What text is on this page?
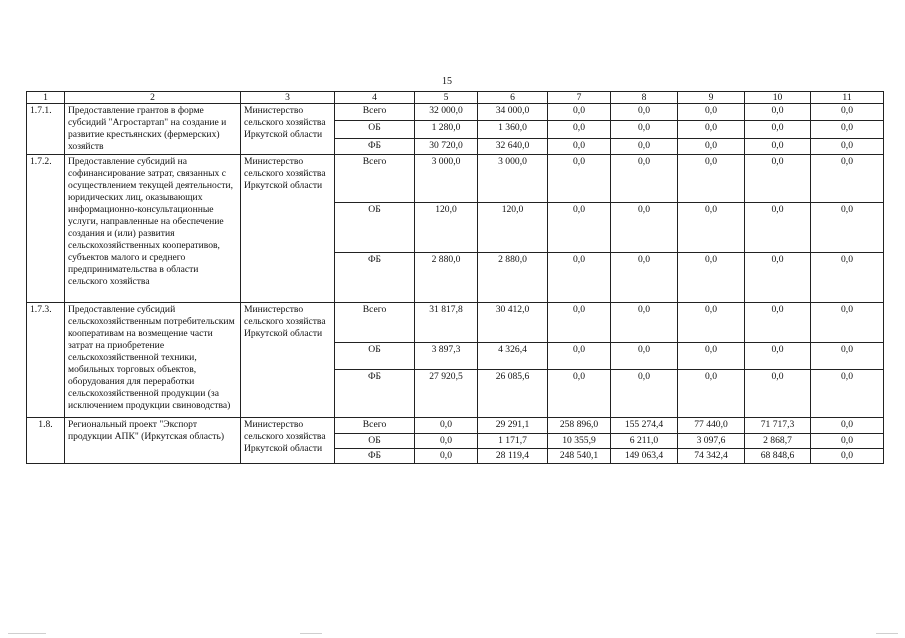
15
1	2	3	4	5	6	7	8	9	10	11
1.7.1.	Предоставление грантов в форме субсидий "Агростартап" на создание и развитие крестьянских (фермерских) хозяйств	Министерство сельского хозяйства Иркутской области	Всего	32 000,0	34 000,0	0,0	0,0	0,0	0,0	0,0
			ОБ	1 280,0	1 360,0	0,0	0,0	0,0	0,0	0,0
			ФБ	30 720,0	32 640,0	0,0	0,0	0,0	0,0	0,0
1.7.2.	Предоставление субсидий на софинансирование затрат, связанных с осуществлением текущей деятельности, юридических лиц, оказывающих информационно-консультационные услуги, направленные на обеспечение создания и (или) развития сельскохозяйственных кооперативов, субъектов малого и среднего предпринимательства в области сельского хозяйства	Министерство сельского хозяйства Иркутской области	Всего	3 000,0	3 000,0	0,0	0,0	0,0	0,0	0,0
			ОБ	120,0	120,0	0,0	0,0	0,0	0,0	0,0
			ФБ	2 880,0	2 880,0	0,0	0,0	0,0	0,0	0,0
1.7.3.	Предоставление субсидий сельскохозяйственным потребительским кооперативам на возмещение части затрат на приобретение сельскохозяйственной техники, мобильных торговых объектов, оборудования для переработки сельскохозяйственной продукции (за исключением продукции свиноводства)	Министерство сельского хозяйства Иркутской области	Всего	31 817,8	30 412,0	0,0	0,0	0,0	0,0	0,0
			ОБ	3 897,3	4 326,4	0,0	0,0	0,0	0,0	0,0
			ФБ	27 920,5	26 085,6	0,0	0,0	0,0	0,0	0,0
1.8.	Региональный проект "Экспорт продукции АПК" (Иркутская область)	Министерство сельского хозяйства Иркутской области	Всего	0,0	29 291,1	258 896,0	155 274,4	77 440,0	71 717,3	0,0
			ОБ	0,0	1 171,7	10 355,9	6 211,0	3 097,6	2 868,7	0,0
			ФБ	0,0	28 119,4	248 540,1	149 063,4	74 342,4	68 848,6	0,0
